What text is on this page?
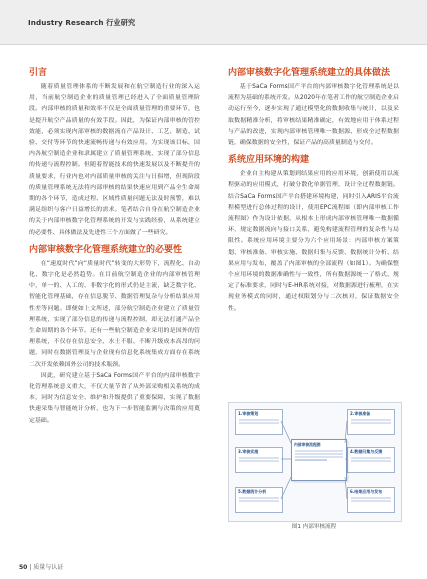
Industry Research 行业研究
引言

随着质量管理体系的不断发展和在航空制造行业的深入运用，当前航空制造企业的质量管理已经进入了全面质量管理阶段。内部审核的质量和效率不仅是全面质量管理的重要环节，也是提升航空产品质量的有效手段。因此，为保证内部审核的管控效能，必须实现内部审核的数据流在产品设计、工艺、制造、试验、交付等环节的快速流畅传递与有效应用。为实现该目标，国内各航空制造企业和隶属建立了质量管理系统，实现了部分信息的传递与流程控制。但随着智能技术的快速发展以及不断提升的质量要求，行业内也对内部质量审核的关注与日俱增，但现阶段的质量管理系统无法将内部审核的结果快速应用到产品全生命周期的各个环节，造成过程、区域性质量问题无法及时预警，难以满足组织与客户日益增长的需求。笔者结合自身在航空制造企业的关于内部审核数字化管理系统的开发与实践经验，从系统建立的必要性、具体做法及先进性三个方面做了一些研究。

内部审核数字化管理系统建立的必要性

在“速度时代”向“质量时代”转变的大形势下，流程化、自动化、数字化是必然趋势。在目前航空制造企业的内部审核管理中，单一的、人工的、非数字化的形式仍是主流，缺乏数字化、智能化管理基础，存在信息脱节、数据管理复杂与分析结果应用性差等问题。即便如上文所述，部分航空制造企业建立了质量管理系统，实现了部分信息的传递与流程控制，却无法打通产品全生命周期的各个环节。还有一些航空制造企业采用的是国外的管理系统，不仅存在信息安全、水土不服、不断升级成本高昂的问题，同时在数据管理及与企业现有信息化系统集成方面存在系统二次开发依赖国外公司的技术瓶颈。

因此，研究建立基于SaCa Forms国产平台的内部审核数字化管理系统意义重大，不仅大量节省了从外部采购相关系统的成本，同时为信息安全、维护和升级提供了重要保障，实现了数据快速采集与智能统计分析，也为下一步智能监测与决策的应用奠定基础。

内部审核数字化管理系统建立的具体做法

基于SaCa Forms国产平台的内部审核数字化管理系统是以流程为基础的系统开发。从2020年在笔者工作的航空制造企业启动运行至今，逐步实现了通过模型化的数据收集与统计，以及采取数据精准分析，将审核结果精准确定，有效地应用于体系过程与产品的改进，实现内部审核管理唯一数据源、形成全过程数据链，确保数据的安全性，保证产品的高质量制造与交付。

系统应用环境的构建

企业自主构建从策划到结果应用的应用环境，创新使用以流程驱动的应用模式，打破分散化单据管理，设计全过程数据链。结合SaCa Forms国产平台搭建环境构建，同时引入ARIS平台流程模型进行总体过程的设计，使用EPC流程图（即内部审核工作流程图）作为设计依据，从根本上形成内部审核管理唯一数据循环，规定数据流向与接口关系，避免构建流程管理的复杂性与局限性。系统应用环境主要分为六个应用场景：内部审核方案策划、审核准备、审核实施、数据归集与反馈、数据统计分析、结果应用与发布，覆盖了内部审核的全部流程（如图1）。为确保整个应用环境的数据准确性与一致性，所有数据源统一了格式、规定了标准要求，同时与E-HR系统对接，对数据源进行梳理，在实现业务模式的同时，通过权限划分与二次核对，保证数据安全性。

1.审核策划	2.审核准备
3.审核实施	4.数据归集与反馈
5.数据统计分析	6.结果应用与发布
内部审核流程图
图1 内部审核流程
50 | 质量与认证
